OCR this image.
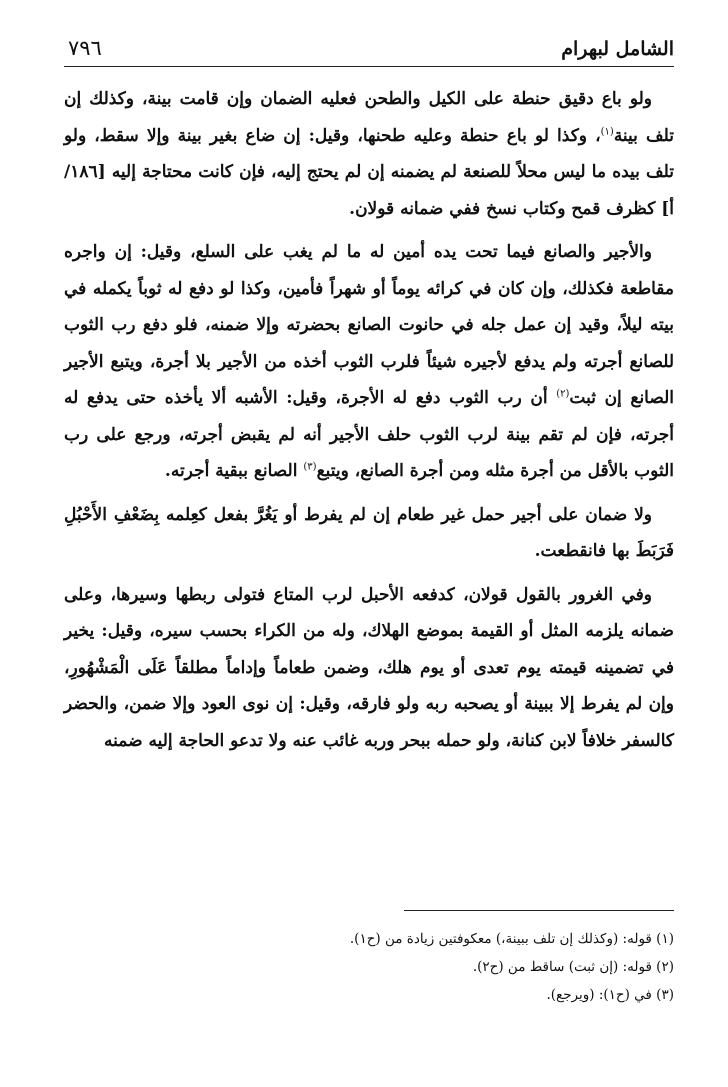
الشامل لبهرام
٧٩٦

ولو باع دقيق حنطة على الكيل والطحن فعليه الضمان وإن قامت بينة، وكذلك إن تلف بينة$^{(١)}$، وكذا لو باع حنطة وعليه طحنها، وقيل: إن ضاع بغير بينة وإلا سقط، ولو تلف بيده ما ليس محلاً للصنعة لم يضمنه إن لم يحتج إليه، فإن كانت محتاجة إليه [١٨٦/ أ] كظرف قمح وكتاب نسخ ففي ضمانه قولان.

والأجير والصانع فيما تحت يده أمين له ما لم يغب على السلع، وقيل: إن واجره مقاطعة فكذلك، وإن كان في كرائه يوماً أو شهراً فأمين، وكذا لو دفع له ثوباً يكمله في بيته ليلاً، وقيد إن عمل جله في حانوت الصانع بحضرته وإلا ضمنه، فلو دفع رب الثوب للصانع أجرته ولم يدفع لأجيره شيئاً فلرب الثوب أخذه من الأجير بلا أجرة، ويتبع الأجير الصانع إن ثبت$^{(٢)}$ أن رب الثوب دفع له الأجرة، وقيل: الأشبه ألا يأخذه حتى يدفع له أجرته، فإن لم تقم بينة لرب الثوب حلف الأجير أنه لم يقبض أجرته، ورجع على رب الثوب بالأقل من أجرة مثله ومن أجرة الصانع، ويتبع$^{(٣)}$ الصانع ببقية أجرته.

ولا ضمان على أجير حمل غير طعام إن لم يفرط أو يَغُرَّ بفعل كعِلمه بِضَعْفِ الأَحْبُلِ فَرَبَطَ بها فانقطعت.

وفي الغرور بالقول قولان، كدفعه الأحبل لرب المتاع فتولى ربطها وسيرها، وعلى ضمانه يلزمه المثل أو القيمة بموضع الهلاك، وله من الكراء بحسب سيره، وقيل: يخير في تضمينه قيمته يوم تعدى أو يوم هلك، وضمن طعاماً وإداماً مطلقاً عَلَى الْمَشْهُورِ، وإن لم يفرط إلا ببينة أو يصحبه ربه ولو فارقه، وقيل: إن نوى العود وإلا ضمن، والحضر كالسفر خلافاً لابن كنانة، ولو حمله ببحر وربه غائب عنه ولا تدعو الحاجة إليه ضمنه

(١) قوله: (وكذلك إن تلف ببينة،) معكوفتين زيادة من (ح١).
(٢) قوله: (إن ثبت) ساقط من (ح٢).
(٣) في (ح١): (ويرجع).
